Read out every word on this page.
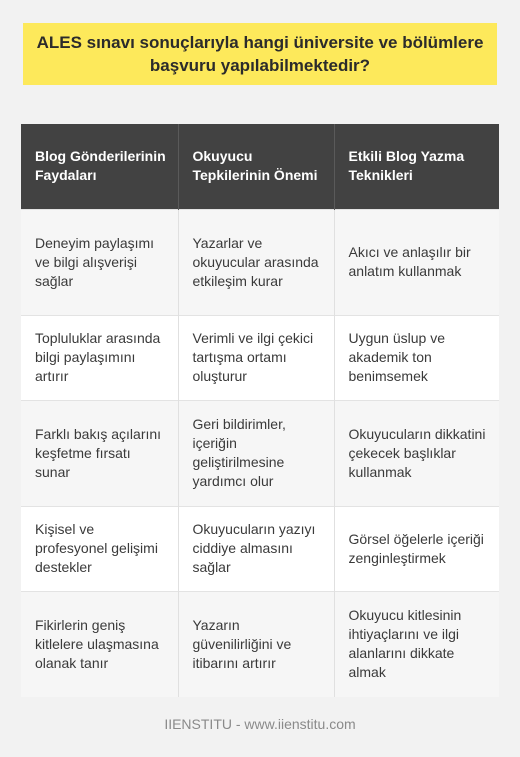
ALES sınavı sonuçlarıyla hangi üniversite ve bölümlere başvuru yapılabilmektedir?
Blog Gönderilerinin Faydaları	Okuyucu Tepkilerinin Önemi	Etkili Blog Yazma Teknikleri
Deneyim paylaşımı ve bilgi alışverişi sağlar	Yazarlar ve okuyucular arasında etkileşim kurar	Akıcı ve anlaşılır bir anlatım kullanmak
Topluluklar arasında bilgi paylaşımını artırır	Verimli ve ilgi çekici tartışma ortamı oluşturur	Uygun üslup ve akademik ton benimsemek
Farklı bakış açılarını keşfetme fırsatı sunar	Geri bildirimler, içeriğin geliştirilmesine yardımcı olur	Okuyucuların dikkatini çekecek başlıklar kullanmak
Kişisel ve profesyonel gelişimi destekler	Okuyucuların yazıyı ciddiye almasını sağlar	Görsel öğelerle içeriği zenginleştirmek
Fikirlerin geniş kitlelere ulaşmasına olanak tanır	Yazarın güvenilirliğini ve itibarını artırır	Okuyucu kitlesinin ihtiyaçlarını ve ilgi alanlarını dikkate almak
IIENSTITU - www.iienstitu.com
